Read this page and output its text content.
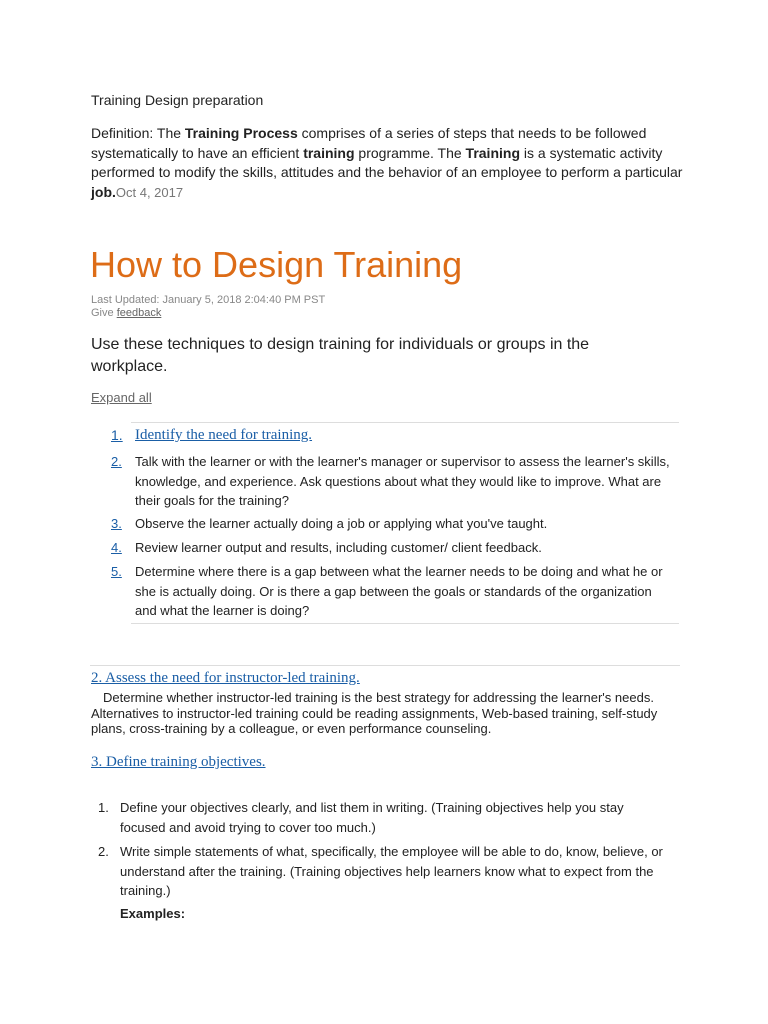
Training Design preparation
Definition: The Training Process comprises of a series of steps that needs to be followed systematically to have an efficient training programme. The Training is a systematic activity performed to modify the skills, attitudes and the behavior of an employee to perform a particular job.Oct 4, 2017
How to Design Training
Last Updated: January 5, 2018 2:04:40 PM PST
Give feedback
Use these techniques to design training for individuals or groups in the workplace.
Expand all
1. Identify the need for training.
2. Talk with the learner or with the learner's manager or supervisor to assess the learner's skills, knowledge, and experience. Ask questions about what they would like to improve. What are their goals for the training?
3. Observe the learner actually doing a job or applying what you've taught.
4. Review learner output and results, including customer/ client feedback.
5. Determine where there is a gap between what the learner needs to be doing and what he or she is actually doing. Or is there a gap between the goals or standards of the organization and what the learner is doing?
2. Assess the need for instructor-led training.
Determine whether instructor-led training is the best strategy for addressing the learner's needs. Alternatives to instructor-led training could be reading assignments, Web-based training, self-study plans, cross-training by a colleague, or even performance counseling.
3. Define training objectives.
1. Define your objectives clearly, and list them in writing. (Training objectives help you stay focused and avoid trying to cover too much.)
2. Write simple statements of what, specifically, the employee will be able to do, know, believe, or understand after the training. (Training objectives help learners know what to expect from the training.)
Examples:
